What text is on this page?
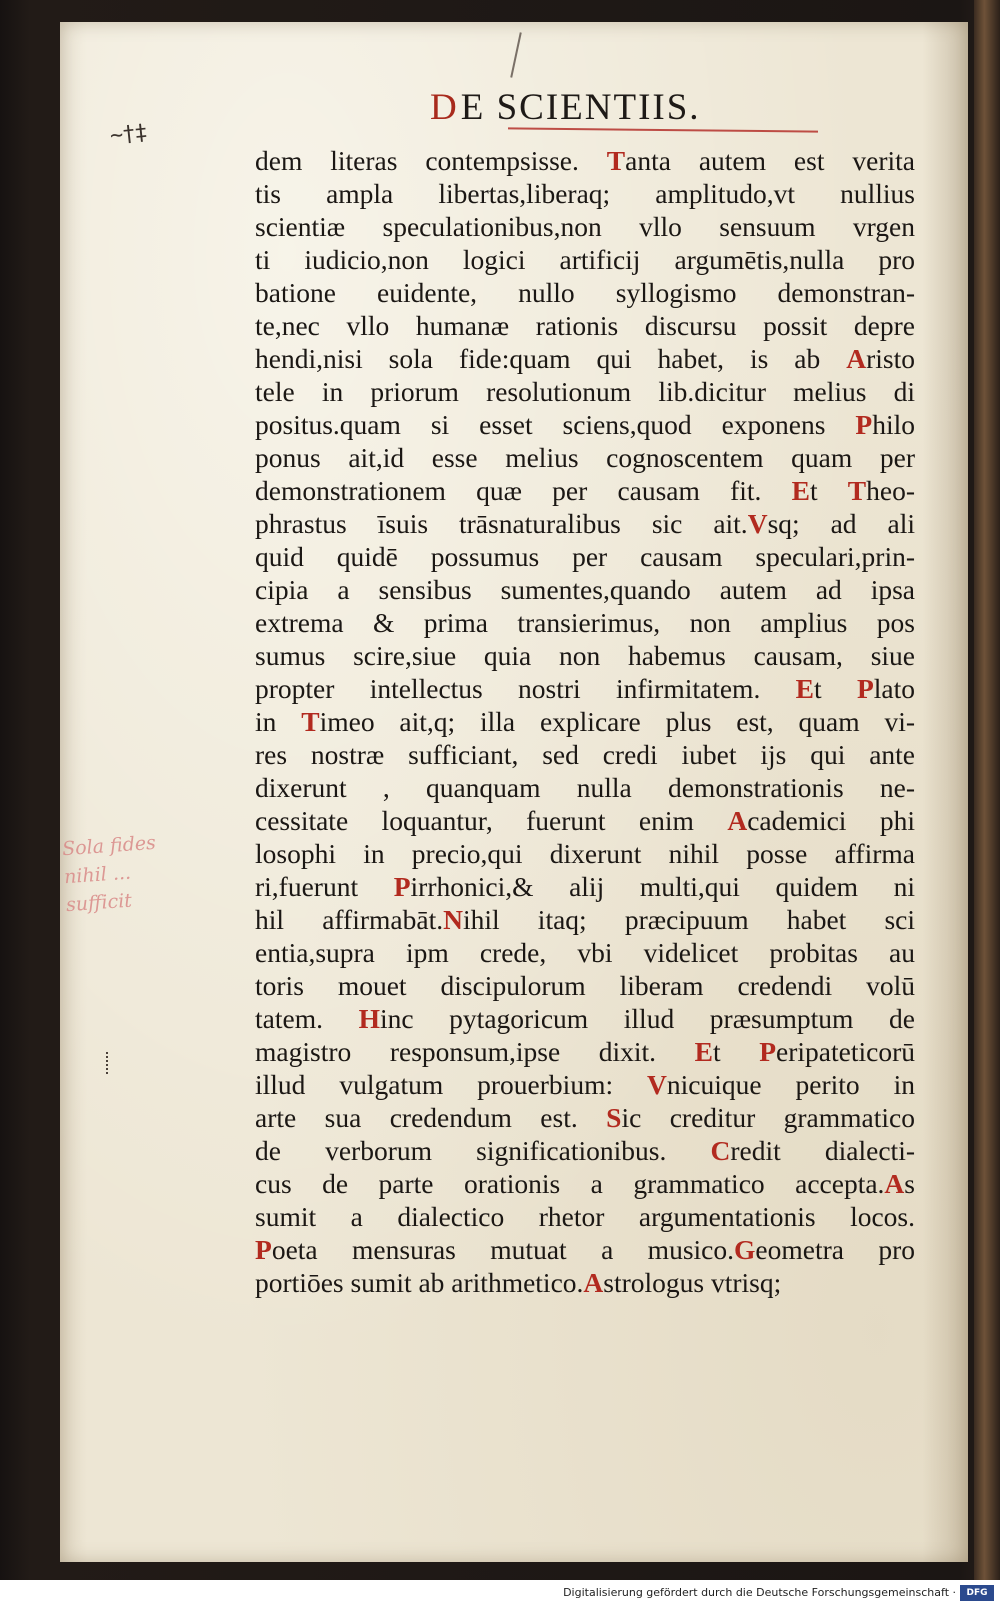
DE SCIENTIIS.
~†‡
Sola fides
nihil ...
sufficit
dem literas contempsisse. Tanta autem est verita
tis ampla libertas,liberaq; amplitudo,vt nullius
scientiæ speculationibus,non vllo sensuum vrgen
ti iudicio,non logici artificij argumētis,nulla pro
batione euidente, nullo syllogismo demonstran-
te,nec vllo humanæ rationis discursu possit depre
hendi,nisi sola fide:quam qui habet, is ab Aristo
tele in priorum resolutionum lib.dicitur melius di
positus.quam si esset sciens,quod exponens Philo
ponus ait,id esse melius cognoscentem quam per
demonstrationem quæ per causam fit. Et Theo-
phrastus īsuis trāsnaturalibus sic ait.Vsq; ad ali
quid quidē possumus per causam speculari,prin-
cipia a sensibus sumentes,quando autem ad ipsa
extrema & prima transierimus, non amplius pos
sumus scire,siue quia non habemus causam, siue
propter intellectus nostri infirmitatem. Et Plato
in Timeo ait,q; illa explicare plus est, quam vi-
res nostræ sufficiant, sed credi iubet ijs qui ante
dixerunt , quanquam nulla demonstrationis ne-
cessitate loquantur, fuerunt enim Academici phi
losophi in precio,qui dixerunt nihil posse affirma
ri,fuerunt Pirrhonici,& alij multi,qui quidem ni
hil affirmabāt.Nihil itaq; præcipuum habet sci
entia,supra ipm crede, vbi videlicet probitas au
toris mouet discipulorum liberam credendi volū
tatem. Hinc pytagoricum illud præsumptum de
magistro responsum,ipse dixit. Et Peripateticorū
illud vulgatum prouerbium: Vnicuique perito in
arte sua credendum est. Sic creditur grammatico
de verborum significationibus. Credit dialecti-
cus de parte orationis a grammatico accepta.As
sumit a dialectico rhetor argumentationis locos.
Poeta mensuras mutuat a musico.Geometra pro
portiōes sumit ab arithmetico.Astrologus vtrisq;
Digitalisierung gefördert durch die Deutsche Forschungsgemeinschaft ·	DFG
